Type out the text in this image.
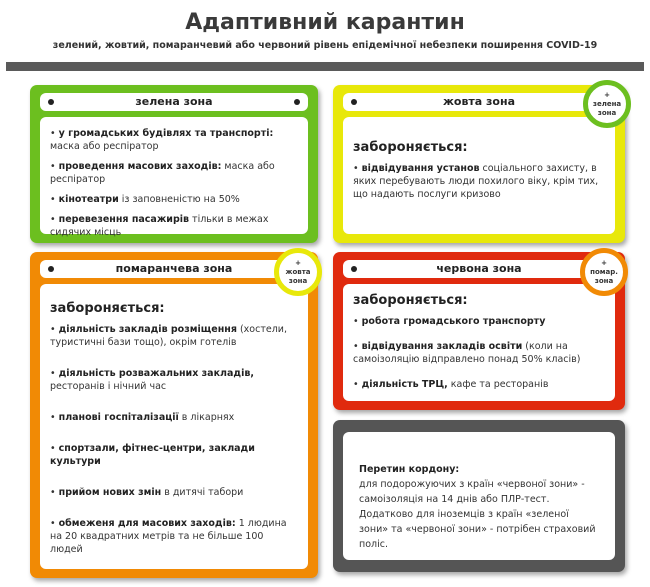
Адаптивний карантин
зелений, жовтий, помаранчевий або червоний рівень епідемічної небезпеки поширення COVID-19
зелена зона
• у громадських будівлях та транспорті: маска або респіратор
• проведення масових заходів: маска або респіратор
• кінотеатри із заповненістю на 50%
• перевезення пасажирів тільки в межах сидячих місць
жовта зона
забороняється:
• відвідування установ соціального захисту, в яких перебувають люди похилого віку, крім тих, що надають послуги кризово
+
зелена
зона
помаранчева зона
забороняється:
• діяльність закладів розміщення (хостели, туристичні бази тощо), окрім готелів
• діяльність розважальних закладів, ресторанів і нічний час
• планові госпіталізації в лікарнях
• спортзали, фітнес-центри, заклади культури
• прийом нових змін в дитячі табори
• обмеженя для масових заходів: 1 людина на 20 квадратних метрів та не більше 100 людей
+
жовта
зона
червона зона
забороняється:
• робота громадського транспорту
• відвідування закладів освіти (коли на самоізоляцію відправлено понад 50% класів)
• діяльність ТРЦ, кафе та ресторанів
+
помар.
зона
Перетин кордону:
для подорожуючих з країн «червоної зони» - самоізоляція на 14 днів або ПЛР-тест. Додатково для іноземців з країн «зеленої зони» та «червоної зони» - потрібен страховий поліс.
